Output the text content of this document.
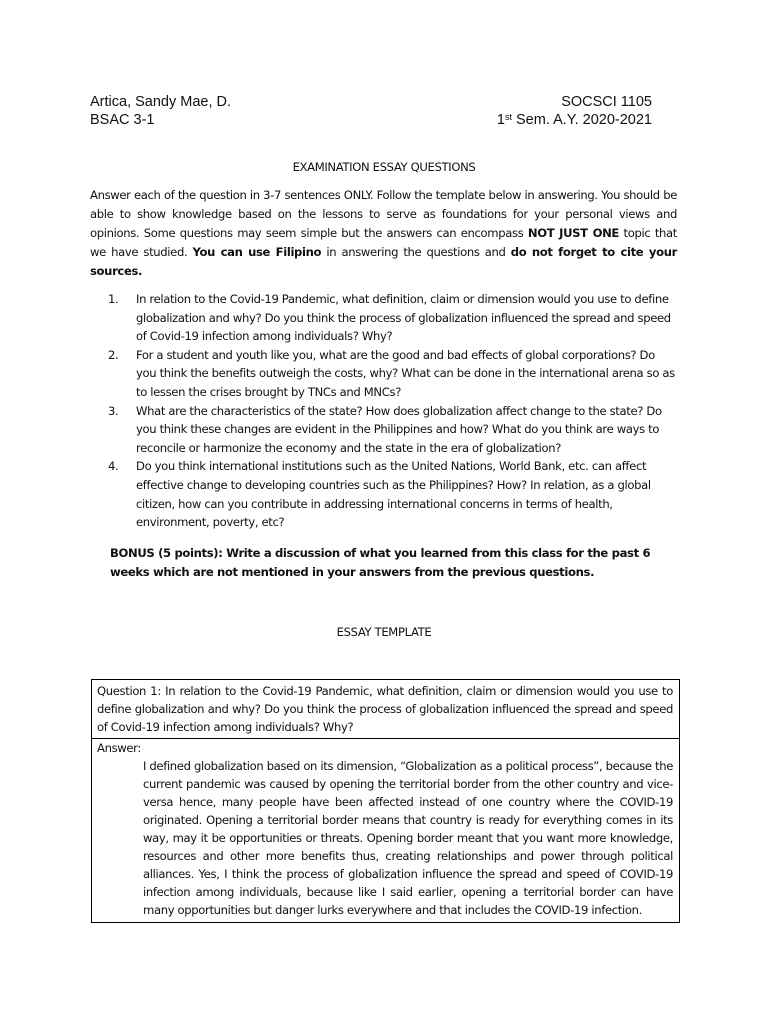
Artica, Sandy Mae, D.
BSAC 3-1
SOCSCI 1105
1st Sem. A.Y. 2020-2021
EXAMINATION ESSAY QUESTIONS
Answer each of the question in 3-7 sentences ONLY. Follow the template below in answering. You should be able to show knowledge based on the lessons to serve as foundations for your personal views and opinions. Some questions may seem simple but the answers can encompass NOT JUST ONE topic that we have studied. You can use Filipino in answering the questions and do not forget to cite your sources.
1. In relation to the Covid-19 Pandemic, what definition, claim or dimension would you use to define globalization and why? Do you think the process of globalization influenced the spread and speed of Covid-19 infection among individuals? Why?
2. For a student and youth like you, what are the good and bad effects of global corporations? Do you think the benefits outweigh the costs, why? What can be done in the international arena so as to lessen the crises brought by TNCs and MNCs?
3. What are the characteristics of the state? How does globalization affect change to the state? Do you think these changes are evident in the Philippines and how? What do you think are ways to reconcile or harmonize the economy and the state in the era of globalization?
4. Do you think international institutions such as the United Nations, World Bank, etc. can affect effective change to developing countries such as the Philippines? How? In relation, as a global citizen, how can you contribute in addressing international concerns in terms of health, environment, poverty, etc?
BONUS (5 points): Write a discussion of what you learned from this class for the past 6 weeks which are not mentioned in your answers from the previous questions.
ESSAY TEMPLATE
Question 1: In relation to the Covid-19 Pandemic, what definition, claim or dimension would you use to define globalization and why? Do you think the process of globalization influenced the spread and speed of Covid-19 infection among individuals? Why?
Answer:
I defined globalization based on its dimension, “Globalization as a political process”, because the current pandemic was caused by opening the territorial border from the other country and vice-versa hence, many people have been affected instead of one country where the COVID-19 originated. Opening a territorial border means that country is ready for everything comes in its way, may it be opportunities or threats. Opening border meant that you want more knowledge, resources and other more benefits thus, creating relationships and power through political alliances. Yes, I think the process of globalization influence the spread and speed of COVID-19 infection among individuals, because like I said earlier, opening a territorial border can have many opportunities but danger lurks everywhere and that includes the COVID-19 infection.
